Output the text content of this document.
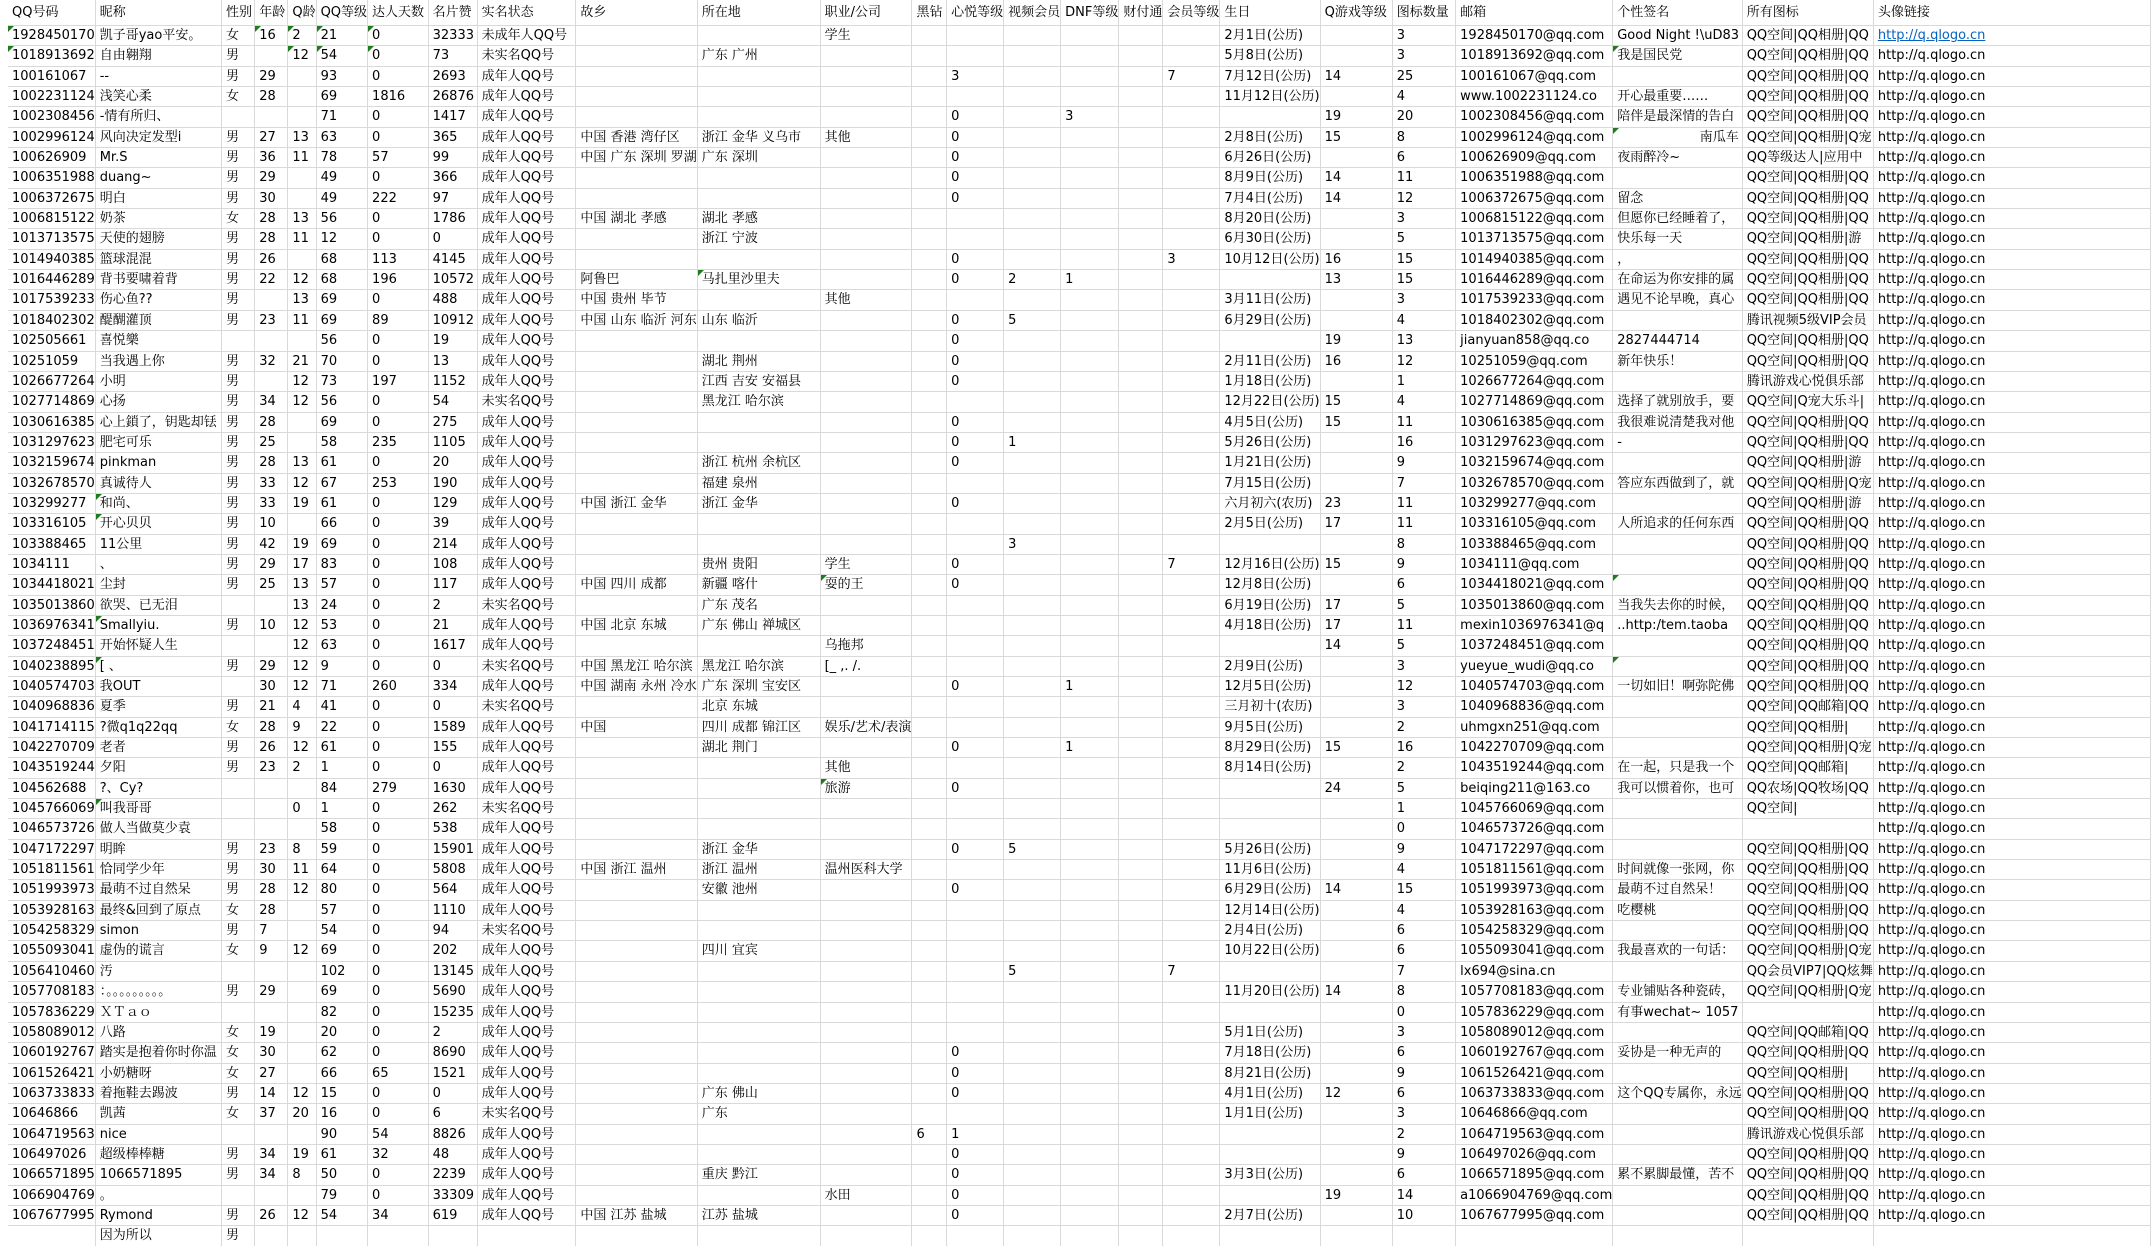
QQ号码	昵称	性别	年龄	Q龄	QQ等级	达人天数	名片赞	实名状态	故乡	所在地	职业/公司	黑钻	心悦等级	视频会员	DNF等级	财付通	会员等级	生日	Q游戏等级	图标数量	邮箱	个性签名	所有图标	头像链接
1928450170	凯子哥yao平安。	女	16	2	21	0	32333	未成年人QQ号			学生							2月1日(公历)		3	1928450170@qq.com	Good Night !\uD83	QQ空间|QQ相册|QQ	http://q.qlogo.cn
1018913692	自由翱翔	男		12	54	0	73	未实名QQ号		广东 广州								5月8日(公历)		3	1018913692@qq.com	我是国民党	QQ空间|QQ相册|QQ	http://q.qlogo.cn
100161067	--	男	29		93	0	2693	成年人QQ号					3				7	7月12日(公历)	14	25	100161067@qq.com		QQ空间|QQ相册|QQ	http://q.qlogo.cn
1002231124	浅笑心柔	女	28		69	1816	26876	成年人QQ号										11月12日(公历)		4	www.1002231124.co	开心最重要……	QQ空间|QQ相册|QQ	http://q.qlogo.cn
1002308456	-情有所归、				71	0	1417	成年人QQ号					0		3				19	20	1002308456@qq.com	陪伴是最深情的告白	QQ空间|QQ相册|QQ	http://q.qlogo.cn
1002996124	风向决定发型i	男	27	13	63	0	365	成年人QQ号	中国 香港 湾仔区	浙江 金华 义乌市	其他		0					2月8日(公历)	15	8	1002996124@qq.com	南瓜车	QQ空间|QQ相册|Q宠	http://q.qlogo.cn
100626909	Mr.S	男	36	11	78	57	99	成年人QQ号	中国 广东 深圳 罗湖	广东 深圳			0					6月26日(公历)		6	100626909@qq.com	夜雨醉冷~	QQ等级达人|应用中	http://q.qlogo.cn
1006351988	duang~	男	29		49	0	366	成年人QQ号					0					8月9日(公历)	14	11	1006351988@qq.com		QQ空间|QQ相册|QQ	http://q.qlogo.cn
1006372675	明白	男	30		49	222	97	成年人QQ号					0					7月4日(公历)	14	12	1006372675@qq.com	留念	QQ空间|QQ相册|QQ	http://q.qlogo.cn
1006815122	奶茶	女	28	13	56	0	1786	成年人QQ号	中国 湖北 孝感	湖北 孝感								8月20日(公历)		3	1006815122@qq.com	但愿你已经睡着了，	QQ空间|QQ相册|QQ	http://q.qlogo.cn
1013713575	天使的翅膀	男	28	11	12	0	0	成年人QQ号		浙江 宁波								6月30日(公历)		5	1013713575@qq.com	快乐每一天	QQ空间|QQ相册|游	http://q.qlogo.cn
1014940385	篮球混混	男	26		68	113	4145	成年人QQ号					0				3	10月12日(公历)	16	15	1014940385@qq.com	，	QQ空间|QQ相册|QQ	http://q.qlogo.cn
1016446289	背书要啸着背	男	22	12	68	196	10572	成年人QQ号	阿鲁巴	马扎里沙里夫			0	2	1				13	15	1016446289@qq.com	在命运为你安排的属	QQ空间|QQ相册|QQ	http://q.qlogo.cn
1017539233	伤心鱼??	男		13	69	0	488	成年人QQ号	中国 贵州 毕节		其他							3月11日(公历)		3	1017539233@qq.com	遇见不论早晚，真心	QQ空间|QQ相册|QQ	http://q.qlogo.cn
1018402302	醍醐灌顶	男	23	11	69	89	10912	成年人QQ号	中国 山东 临沂 河东	山东 临沂			0	5				6月29日(公历)		4	1018402302@qq.com		腾讯视频5级VIP会员	http://q.qlogo.cn
102505661	喜悦樂				56	0	19	成年人QQ号					0						19	13	jianyuan858@qq.co	2827444714	QQ空间|QQ相册|QQ	http://q.qlogo.cn
10251059	当我遇上你	男	32	21	70	0	13	成年人QQ号		湖北 荆州			0					2月11日(公历)	16	12	10251059@qq.com	新年快乐！	QQ空间|QQ相册|QQ	http://q.qlogo.cn
1026677264	小明	男		12	73	197	1152	成年人QQ号		江西 吉安 安福县			0					1月18日(公历)		1	1026677264@qq.com		腾讯游戏心悦俱乐部	http://q.qlogo.cn
1027714869	心扬	男	34	12	56	0	54	未实名QQ号		黑龙江 哈尔滨								12月22日(公历)	15	4	1027714869@qq.com	选择了就别放手，要	QQ空间|Q宠大乐斗|	http://q.qlogo.cn
1030616385	心上鎖了，钥匙却铥	男	28		69	0	275	成年人QQ号					0					4月5日(公历)	15	11	1030616385@qq.com	我很难说清楚我对他	QQ空间|QQ相册|QQ	http://q.qlogo.cn
1031297623	肥宅可乐	男	25		58	235	1105	成年人QQ号					0	1				5月26日(公历)		16	1031297623@qq.com	-	QQ空间|QQ相册|QQ	http://q.qlogo.cn
1032159674	pinkman	男	28	13	61	0	20	成年人QQ号		浙江 杭州 余杭区			0					1月21日(公历)		9	1032159674@qq.com		QQ空间|QQ相册|游	http://q.qlogo.cn
1032678570	真诚待人	男	33	12	67	253	190	成年人QQ号		福建 泉州								7月15日(公历)		7	1032678570@qq.com	答应东西做到了，就	QQ空间|QQ相册|Q宠	http://q.qlogo.cn
103299277	和尚、	男	33	19	61	0	129	成年人QQ号	中国 浙江 金华	浙江 金华			0					六月初六(农历)	23	11	103299277@qq.com		QQ空间|QQ相册|游	http://q.qlogo.cn
103316105	开心贝贝	男	10		66	0	39	成年人QQ号										2月5日(公历)	17	11	103316105@qq.com	人所追求的任何东西	QQ空间|QQ相册|QQ	http://q.qlogo.cn
103388465	11公里	男	42	19	69	0	214	成年人QQ号						3						8	103388465@qq.com		QQ空间|QQ相册|QQ	http://q.qlogo.cn
1034111	、	男	29	17	83	0	108	成年人QQ号		贵州 贵阳	学生		0				7	12月16日(公历)	15	9	1034111@qq.com		QQ空间|QQ相册|QQ	http://q.qlogo.cn
1034418021	尘封	男	25	13	57	0	117	成年人QQ号	中国 四川 成都	新疆 喀什	耍的王		0					12月8日(公历)		6	1034418021@qq.com		QQ空间|QQ相册|QQ	http://q.qlogo.cn
1035013860	欲哭、已无泪			13	24	0	2	未实名QQ号		广东 茂名								6月19日(公历)	17	5	1035013860@qq.com	当我失去你的时候，	QQ空间|QQ相册|QQ	http://q.qlogo.cn
1036976341	Smallyiu.	男	10	12	53	0	21	成年人QQ号	中国 北京 东城	广东 佛山 禅城区								4月18日(公历)	17	11	mexin1036976341@q	..http:/tem.taoba	QQ空间|QQ相册|QQ	http://q.qlogo.cn
1037248451	开始怀疑人生			12	63	0	1617	成年人QQ号			乌拖邦								14	5	1037248451@qq.com		QQ空间|QQ相册|QQ	http://q.qlogo.cn
1040238895	[ 、	男	29	12	9	0	0	未实名QQ号	中国 黑龙江 哈尔滨	黑龙江 哈尔滨	[_ ,. /.							2月9日(公历)		3	yueyue_wudi@qq.co		QQ空间|QQ相册|QQ	http://q.qlogo.cn
1040574703	我OUT		30	12	71	260	334	成年人QQ号	中国 湖南 永州 冷水	广东 深圳 宝安区			0		1			12月5日(公历)		12	1040574703@qq.com	一切如旧！啊弥陀佛	QQ空间|QQ相册|QQ	http://q.qlogo.cn
1040968836	夏季	男	21	4	41	0	0	未实名QQ号		北京 东城								三月初十(农历)		3	1040968836@qq.com		QQ空间|QQ邮箱|QQ	http://q.qlogo.cn
1041714115	?微q1q22qq	女	28	9	22	0	1589	成年人QQ号	中国	四川 成都 锦江区	娱乐/艺术/表演							9月5日(公历)		2	uhmgxn251@qq.com		QQ空间|QQ相册|	http://q.qlogo.cn
1042270709	老者	男	26	12	61	0	155	成年人QQ号		湖北 荆门			0		1			8月29日(公历)	15	16	1042270709@qq.com		QQ空间|QQ相册|Q宠	http://q.qlogo.cn
1043519244	夕阳	男	23	2	1	0	0	成年人QQ号			其他							8月14日(公历)		2	1043519244@qq.com	在一起，只是我一个	QQ空间|QQ邮箱|	http://q.qlogo.cn
104562688	?、Cy?				84	279	1630	成年人QQ号			旅游		0						24	5	beiqing211@163.co	我可以惯着你，也可	QQ农场|QQ牧场|QQ	http://q.qlogo.cn
1045766069	叫我哥哥			0	1	0	262	未实名QQ号												1	1045766069@qq.com		QQ空间|	http://q.qlogo.cn
1046573726	做人当做莫少袁				58	0	538	成年人QQ号												0	1046573726@qq.com			http://q.qlogo.cn
1047172297	明眸	男	23	8	59	0	15901	成年人QQ号		浙江 金华			0	5				5月26日(公历)		9	1047172297@qq.com		QQ空间|QQ相册|QQ	http://q.qlogo.cn
1051811561	恰同学少年	男	30	11	64	0	5808	成年人QQ号	中国 浙江 温州	浙江 温州	温州医科大学							11月6日(公历)		4	1051811561@qq.com	时间就像一张网，你	QQ空间|QQ相册|QQ	http://q.qlogo.cn
1051993973	最萌不过自然呆	男	28	12	80	0	564	成年人QQ号		安徽 池州			0					6月29日(公历)	14	15	1051993973@qq.com	最萌不过自然呆！	QQ空间|QQ相册|QQ	http://q.qlogo.cn
1053928163	最终&回到了原点	女	28		57	0	1110	成年人QQ号										12月14日(公历)		4	1053928163@qq.com	吃樱桃	QQ空间|QQ相册|QQ	http://q.qlogo.cn
1054258329	simon	男	7		54	0	94	未实名QQ号										2月4日(公历)		6	1054258329@qq.com		QQ空间|QQ相册|QQ	http://q.qlogo.cn
1055093041	虚伪的谎言	女	9	12	69	0	202	成年人QQ号		四川 宜宾								10月22日(公历)		6	1055093041@qq.com	我最喜欢的一句话：	QQ空间|QQ相册|Q宠	http://q.qlogo.cn
1056410460	汚				102	0	13145	成年人QQ号						5			7			7	lx694@sina.cn		QQ会员VIP7|QQ炫舞	http://q.qlogo.cn
1057708183	：。。。。。。。。。	男	29		69	0	5690	成年人QQ号										11月20日(公历)	14	8	1057708183@qq.com	专业铺贴各种瓷砖，	QQ空间|QQ相册|Q宠	http://q.qlogo.cn
1057836229	ＸＴａｏ				82	0	15235	成年人QQ号												0	1057836229@qq.com	有事wechat~ 1057		http://q.qlogo.cn
1058089012	八路	女	19		20	0	2	成年人QQ号										5月1日(公历)		3	1058089012@qq.com		QQ空间|QQ邮箱|QQ	http://q.qlogo.cn
1060192767	踏实是抱着你时你温	女	30		62	0	8690	成年人QQ号					0					7月18日(公历)		6	1060192767@qq.com	妥协是一种无声的	QQ空间|QQ相册|QQ	http://q.qlogo.cn
1061526421	小奶糖呀	女	27		66	65	1521	成年人QQ号					0					8月21日(公历)		9	1061526421@qq.com		QQ空间|QQ相册|	http://q.qlogo.cn
1063733833	着拖鞋去踢波	男	14	12	15	0	0	成年人QQ号		广东 佛山			0					4月1日(公历)	12	6	1063733833@qq.com	这个QQ专属你，永远	QQ空间|QQ相册|QQ	http://q.qlogo.cn
10646866	凯茜	女	37	20	16	0	6	未实名QQ号		广东								1月1日(公历)		3	10646866@qq.com		QQ空间|QQ相册|QQ	http://q.qlogo.cn
1064719563	nice				90	54	8826	成年人QQ号				6	1							2	1064719563@qq.com		腾讯游戏心悦俱乐部	http://q.qlogo.cn
106497026	超级棒棒糖	男	34	19	61	32	48	成年人QQ号					0							9	106497026@qq.com		QQ空间|QQ相册|QQ	http://q.qlogo.cn
1066571895	1066571895	男	34	8	50	0	2239	成年人QQ号		重庆 黔江			0					3月3日(公历)		6	1066571895@qq.com	累不累脚最懂，苦不	QQ空间|QQ相册|QQ	http://q.qlogo.cn
1066904769	。				79	0	33309	成年人QQ号			水田		0						19	14	a1066904769@qq.com		QQ空间|QQ相册|QQ	http://q.qlogo.cn
1067677995	Rymond	男	26	12	54	34	619	成年人QQ号	中国 江苏 盐城	江苏 盐城			0					2月7日(公历)		10	1067677995@qq.com		QQ空间|QQ相册|QQ	http://q.qlogo.cn
	因为所以	男																						
